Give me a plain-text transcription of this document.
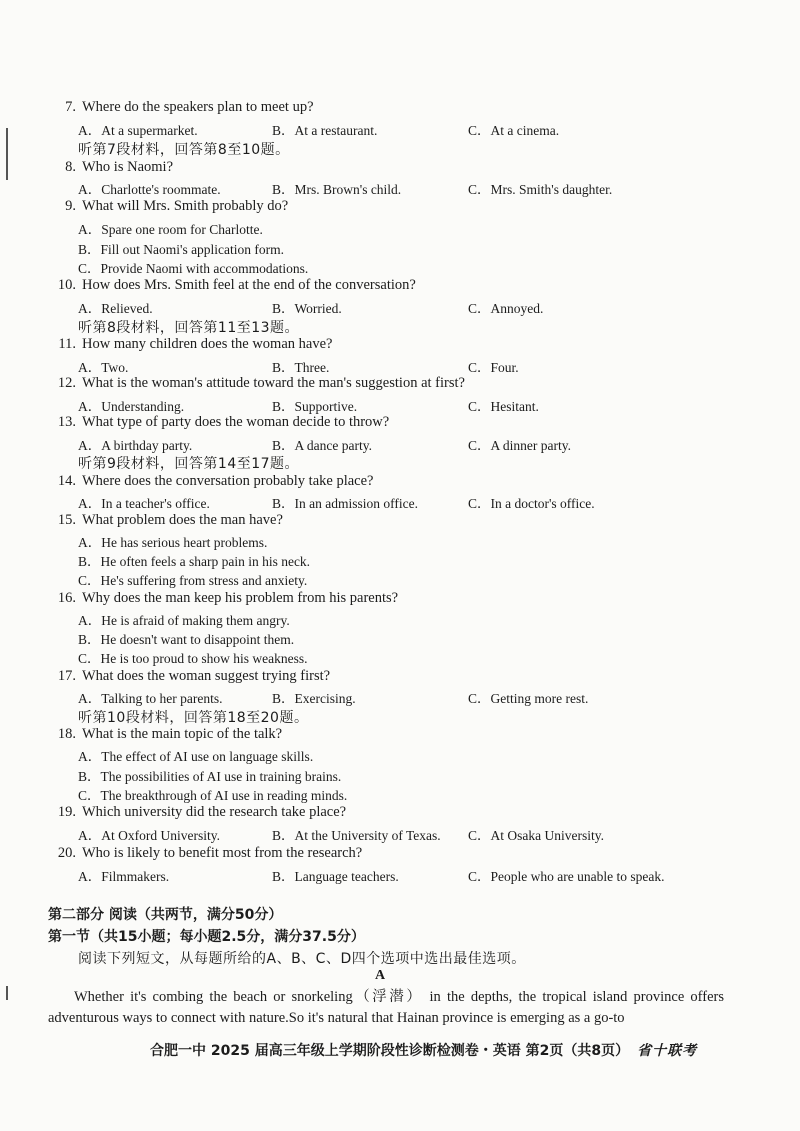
7. Where do the speakers plan to meet up?
A．At a supermarket.	B．At a restaurant.	C．At a cinema.
听第7段材料，回答第8至10题。
8. Who is Naomi?
A．Charlotte's roommate.	B．Mrs. Brown's child.	C．Mrs. Smith's daughter.
9. What will Mrs. Smith probably do?
A．Spare one room for Charlotte.
B．Fill out Naomi's application form.
C．Provide Naomi with accommodations.
10. How does Mrs. Smith feel at the end of the conversation?
A．Relieved.	B．Worried.	C．Annoyed.
听第8段材料，回答第11至13题。
11. How many children does the woman have?
A．Two.	B．Three.	C．Four.
12. What is the woman's attitude toward the man's suggestion at first?
A．Understanding.	B．Supportive.	C．Hesitant.
13. What type of party does the woman decide to throw?
A．A birthday party.	B．A dance party.	C．A dinner party.
听第9段材料，回答第14至17题。
14. Where does the conversation probably take place?
A．In a teacher's office.	B．In an admission office.	C．In a doctor's office.
15. What problem does the man have?
A．He has serious heart problems.
B．He often feels a sharp pain in his neck.
C．He's suffering from stress and anxiety.
16. Why does the man keep his problem from his parents?
A．He is afraid of making them angry.
B．He doesn't want to disappoint them.
C．He is too proud to show his weakness.
17. What does the woman suggest trying first?
A．Talking to her parents.	B．Exercising.	C．Getting more rest.
听第10段材料，回答第18至20题。
18. What is the main topic of the talk?
A．The effect of AI use on language skills.
B．The possibilities of AI use in training brains.
C．The breakthrough of AI use in reading minds.
19. Which university did the research take place?
A．At Oxford University.	B．At the University of Texas. C．At Osaka University.
20. Who is likely to benefit most from the research?
A．Filmmakers.	B．Language teachers.	C．People who are unable to speak.
第二部分 阅读（共两节，满分50分）
第一节（共15小题；每小题2.5分，满分37.5分）
阅读下列短文，从每题所给的A、B、C、D四个选项中选出最佳选项。
A
Whether it's combing the beach or snorkeling（浮潜） in the depths, the tropical island province offers adventurous ways to connect with nature.So it's natural that Hainan province is emerging as a go-to
合肥一中 2025 届高三年级上学期阶段性诊断检测卷・英语 第2页（共8页） 省十联考
